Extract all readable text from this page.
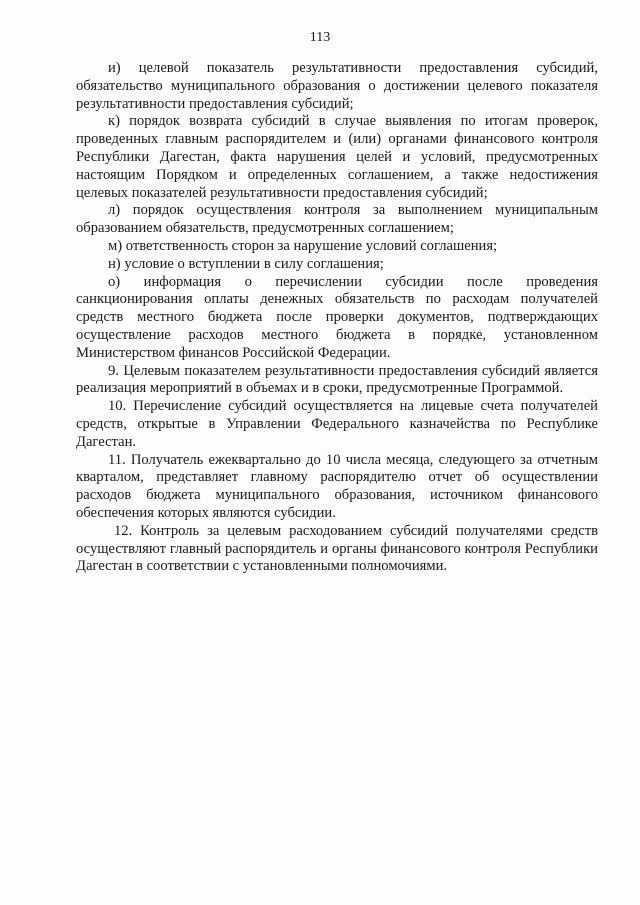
113

и) целевой показатель результативности предоставления субсидий, обязательство муниципального образования о достижении целевого показателя результативности предоставления субсидий;

к) порядок возврата субсидий в случае выявления по итогам проверок, проведенных главным распорядителем и (или) органами финансового контроля Республики Дагестан, факта нарушения целей и условий, предусмотренных настоящим Порядком и определенных соглашением, а также недостижения целевых показателей результативности предоставления субсидий;

л) порядок осуществления контроля за выполнением муниципальным образованием обязательств, предусмотренных соглашением;

м) ответственность сторон за нарушение условий соглашения;

н) условие о вступлении в силу соглашения;

о) информация о перечислении субсидии после проведения санкционирования оплаты денежных обязательств по расходам получателей средств местного бюджета после проверки документов, подтверждающих осуществление расходов местного бюджета в порядке, установленном Министерством финансов Российской Федерации.

9. Целевым показателем результативности предоставления субсидий является реализация мероприятий в объемах и в сроки, предусмотренные Программой.

10. Перечисление субсидий осуществляется на лицевые счета получателей средств, открытые в Управлении Федерального казначейства по Республике Дагестан.

11. Получатель ежеквартально до 10 числа месяца, следующего за отчетным кварталом, представляет главному распорядителю отчет об осуществлении расходов бюджета муниципального образования, источником финансового обеспечения которых являются субсидии.

12. Контроль за целевым расходованием субсидий получателями средств осуществляют главный распорядитель и органы финансового контроля Республики Дагестан в соответствии с установленными полномочиями.
